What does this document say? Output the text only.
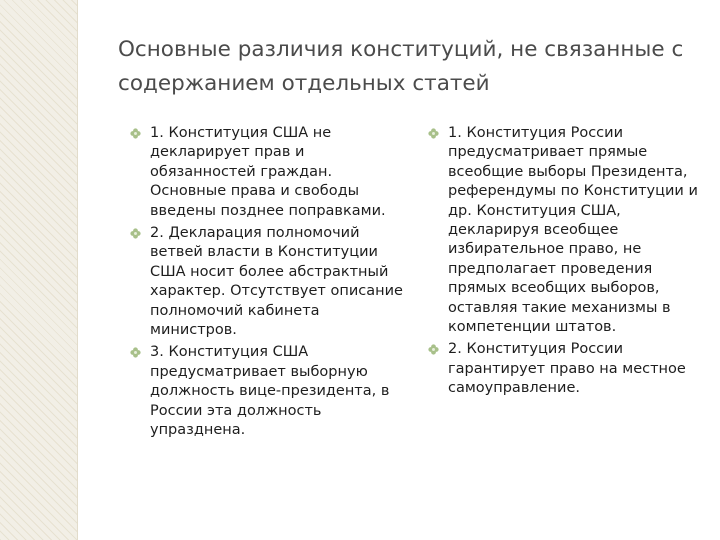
Основные различия конституций, не связанные с содержанием отдельных статей
1. Конституция США не декларирует прав и обязанностей граждан. Основные права и свободы введены позднее поправками.
2. Декларация полномочий ветвей власти в Конституции США носит более абстрактный характер. Отсутствует описание полномочий кабинета министров.
3. Конституция США предусматривает выборную должность вице-президента, в России эта должность упразднена.
1. Конституция России предусматривает прямые всеобщие выборы Президента, референдумы по Конституции и др. Конституция США, декларируя всеобщее избирательное право, не предполагает проведения прямых всеобщих выборов, оставляя такие механизмы в компетенции штатов.
2. Конституция России гарантирует право на местное самоуправление.
